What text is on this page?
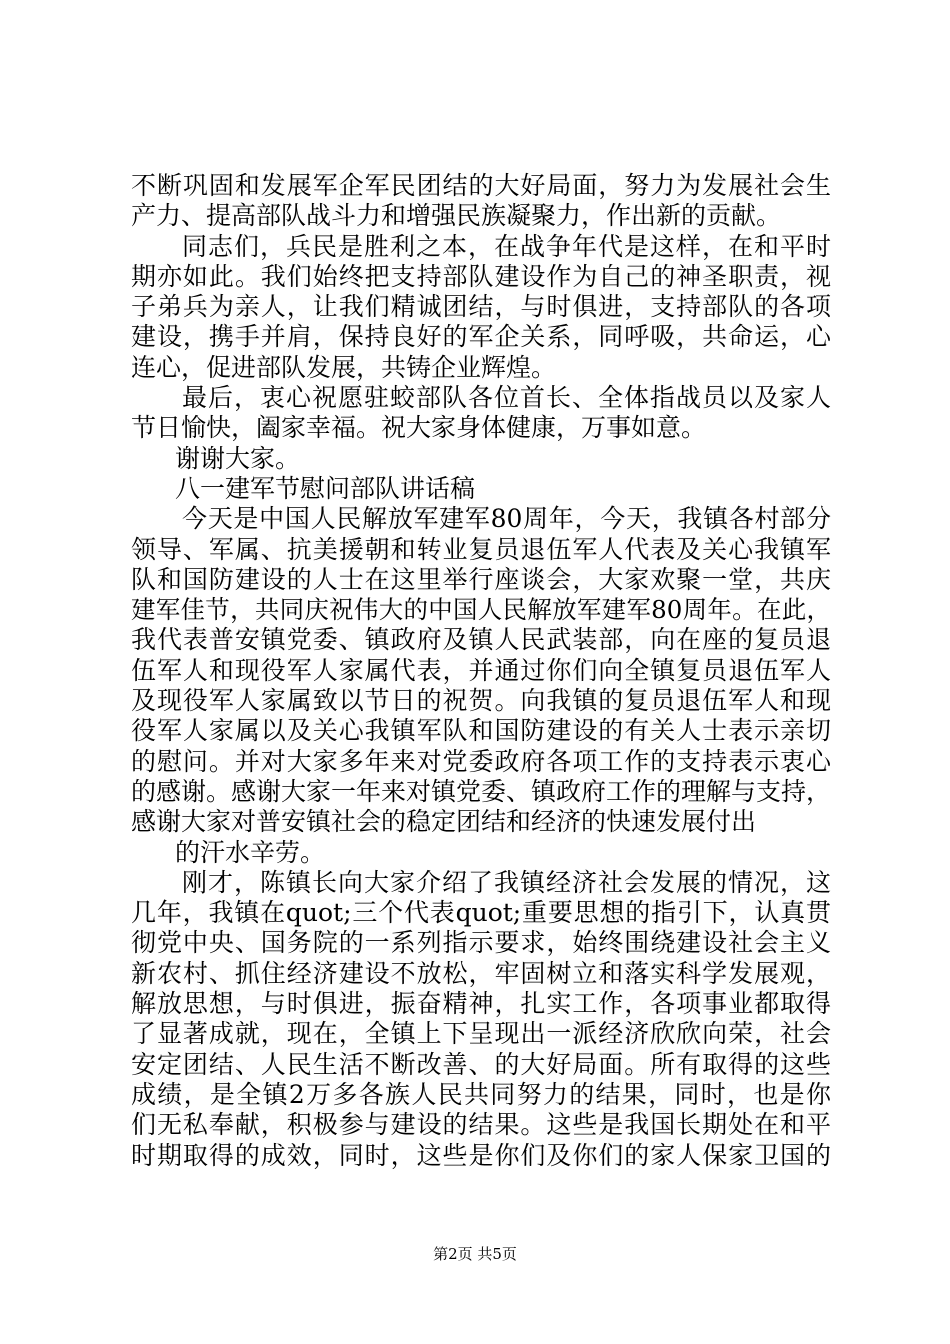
不断巩固和发展军企军民团结的大好局面，努力为发展社会生
产力、提高部队战斗力和增强民族凝聚力，作出新的贡献。
同志们，兵民是胜利之本，在战争年代是这样，在和平时
期亦如此。我们始终把支持部队建设作为自己的神圣职责，视
子弟兵为亲人，让我们精诚团结，与时俱进，支持部队的各项
建设，携手并肩，保持良好的军企关系，同呼吸，共命运，心
连心，促进部队发展，共铸企业辉煌。
最后，衷心祝愿驻蛟部队各位首长、全体指战员以及家人
节日愉快，阖家幸福。祝大家身体健康，万事如意。
谢谢大家。
八一建军节慰问部队讲话稿
今天是中国人民解放军建军80周年，今天，我镇各村部分
领导、军属、抗美援朝和转业复员退伍军人代表及关心我镇军
队和国防建设的人士在这里举行座谈会，大家欢聚一堂，共庆
建军佳节，共同庆祝伟大的中国人民解放军建军80周年。在此，
我代表普安镇党委、镇政府及镇人民武装部，向在座的复员退
伍军人和现役军人家属代表，并通过你们向全镇复员退伍军人
及现役军人家属致以节日的祝贺。向我镇的复员退伍军人和现
役军人家属以及关心我镇军队和国防建设的有关人士表示亲切
的慰问。并对大家多年来对党委政府各项工作的支持表示衷心
的感谢。感谢大家一年来对镇党委、镇政府工作的理解与支持，
感谢大家对普安镇社会的稳定团结和经济的快速发展付出
的汗水辛劳。
刚才，陈镇长向大家介绍了我镇经济社会发展的情况，这
几年，我镇在quot;三个代表quot;重要思想的指引下，认真贯
彻党中央、国务院的一系列指示要求，始终围绕建设社会主义
新农村、抓住经济建设不放松，牢固树立和落实科学发展观，
解放思想，与时俱进，振奋精神，扎实工作，各项事业都取得
了显著成就，现在，全镇上下呈现出一派经济欣欣向荣，社会
安定团结、人民生活不断改善、的大好局面。所有取得的这些
成绩，是全镇2万多各族人民共同努力的结果，同时，也是你
们无私奉献，积极参与建设的结果。这些是我国长期处在和平
时期取得的成效，同时，这些是你们及你们的家人保家卫国的
第2页 共5页
